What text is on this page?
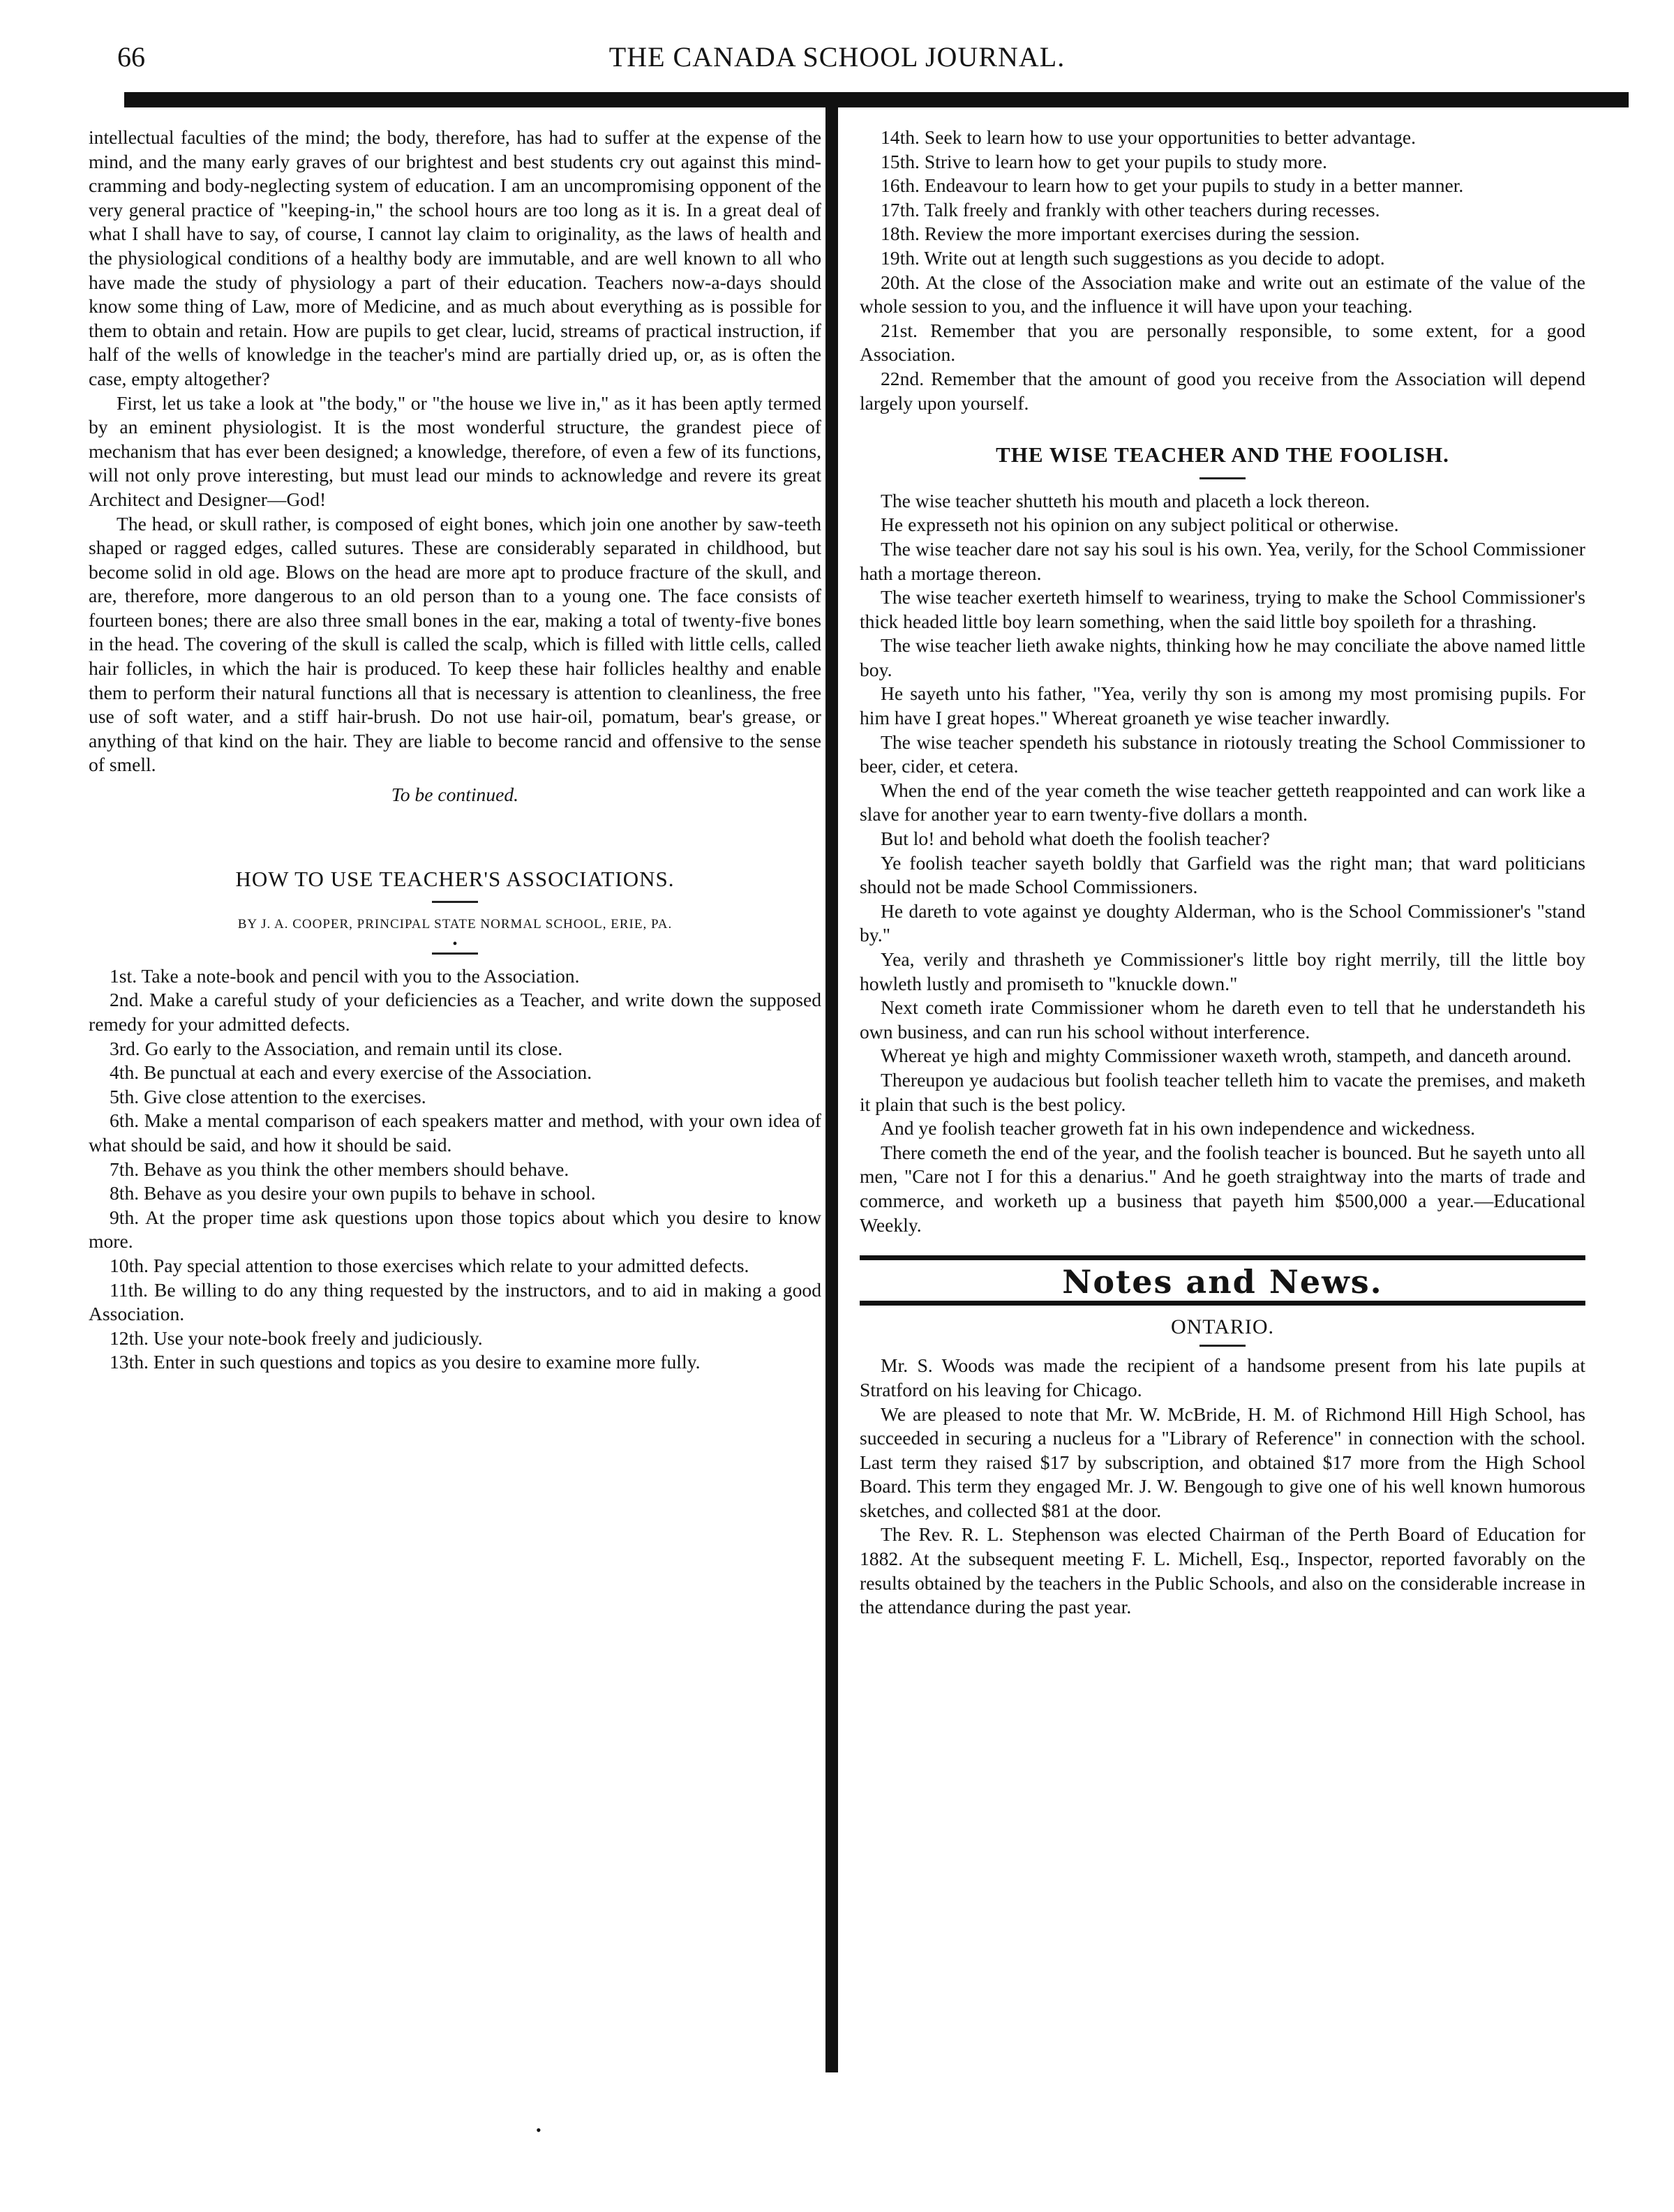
66	THE CANADA SCHOOL JOURNAL.

intellectual faculties of the mind; the body, therefore, has had to suffer at the expense of the mind, and the many early graves of our brightest and best students cry out against this mind-cramming and body-neglecting system of education. I am an uncompromising opponent of the very general practice of "keeping-in," the school hours are too long as it is. In a great deal of what I shall have to say, of course, I cannot lay claim to originality, as the laws of health and the physiological conditions of a healthy body are immutable, and are well known to all who have made the study of physiology a part of their education. Teachers now-a-days should know some thing of Law, more of Medicine, and as much about everything as is possible for them to obtain and retain. How are pupils to get clear, lucid, streams of practical instruction, if half of the wells of knowledge in the teacher's mind are partially dried up, or, as is often the case, empty altogether?

First, let us take a look at "the body," or "the house we live in," as it has been aptly termed by an eminent physiologist. It is the most wonderful structure, the grandest piece of mechanism that has ever been designed; a knowledge, therefore, of even a few of its functions, will not only prove interesting, but must lead our minds to acknowledge and revere its great Architect and Designer—God!

The head, or skull rather, is composed of eight bones, which join one another by saw-teeth shaped or ragged edges, called sutures. These are considerably separated in childhood, but become solid in old age. Blows on the head are more apt to produce fracture of the skull, and are, therefore, more dangerous to an old person than to a young one. The face consists of fourteen bones; there are also three small bones in the ear, making a total of twenty-five bones in the head. The covering of the skull is called the scalp, which is filled with little cells, called hair follicles, in which the hair is produced. To keep these hair follicles healthy and enable them to perform their natural functions all that is necessary is attention to cleanliness, the free use of soft water, and a stiff hair-brush. Do not use hair-oil, pomatum, bear's grease, or anything of that kind on the hair. They are liable to become rancid and offensive to the sense of smell.

To be continued.

HOW TO USE TEACHER'S ASSOCIATIONS.

BY J. A. COOPER, PRINCIPAL STATE NORMAL SCHOOL, ERIE, PA.

•

1st. Take a note-book and pencil with you to the Association.

2nd. Make a careful study of your deficiencies as a Teacher, and write down the supposed remedy for your admitted defects.

3rd. Go early to the Association, and remain until its close.

4th. Be punctual at each and every exercise of the Association.

5th. Give close attention to the exercises.

6th. Make a mental comparison of each speakers matter and method, with your own idea of what should be said, and how it should be said.

7th. Behave as you think the other members should behave.

8th. Behave as you desire your own pupils to behave in school.

9th. At the proper time ask questions upon those topics about which you desire to know more.

10th. Pay special attention to those exercises which relate to your admitted defects.

11th. Be willing to do any thing requested by the instructors, and to aid in making a good Association.

12th. Use your note-book freely and judiciously.

13th. Enter in such questions and topics as you desire to examine more fully.

14th. Seek to learn how to use your opportunities to better advantage.

15th. Strive to learn how to get your pupils to study more.

16th. Endeavour to learn how to get your pupils to study in a better manner.

17th. Talk freely and frankly with other teachers during recesses.

18th. Review the more important exercises during the session.

19th. Write out at length such suggestions as you decide to adopt.

20th. At the close of the Association make and write out an estimate of the value of the whole session to you, and the influence it will have upon your teaching.

21st. Remember that you are personally responsible, to some extent, for a good Association.

22nd. Remember that the amount of good you receive from the Association will depend largely upon yourself.

THE WISE TEACHER AND THE FOOLISH.

The wise teacher shutteth his mouth and placeth a lock thereon.

He expresseth not his opinion on any subject political or otherwise.

The wise teacher dare not say his soul is his own. Yea, verily, for the School Commissioner hath a mortage thereon.

The wise teacher exerteth himself to weariness, trying to make the School Commissioner's thick headed little boy learn something, when the said little boy spoileth for a thrashing.

The wise teacher lieth awake nights, thinking how he may conciliate the above named little boy.

He sayeth unto his father, "Yea, verily thy son is among my most promising pupils. For him have I great hopes." Whereat groaneth ye wise teacher inwardly.

The wise teacher spendeth his substance in riotously treating the School Commissioner to beer, cider, et cetera.

When the end of the year cometh the wise teacher getteth reappointed and can work like a slave for another year to earn twenty-five dollars a month.

But lo! and behold what doeth the foolish teacher?

Ye foolish teacher sayeth boldly that Garfield was the right man; that ward politicians should not be made School Commissioners.

He dareth to vote against ye doughty Alderman, who is the School Commissioner's "stand by."

Yea, verily and thrasheth ye Commissioner's little boy right merrily, till the little boy howleth lustly and promiseth to "knuckle down."

Next cometh irate Commissioner whom he dareth even to tell that he understandeth his own business, and can run his school without interference.

Whereat ye high and mighty Commissioner waxeth wroth, stampeth, and danceth around.

Thereupon ye audacious but foolish teacher telleth him to vacate the premises, and maketh it plain that such is the best policy.

And ye foolish teacher groweth fat in his own independence and wickedness.

There cometh the end of the year, and the foolish teacher is bounced. But he sayeth unto all men, "Care not I for this a denarius." And he goeth straightway into the marts of trade and commerce, and worketh up a business that payeth him $500,000 a year.—Educational Weekly.

Notes and News.
ONTARIO.

Mr. S. Woods was made the recipient of a handsome present from his late pupils at Stratford on his leaving for Chicago.

We are pleased to note that Mr. W. McBride, H. M. of Richmond Hill High School, has succeeded in securing a nucleus for a "Library of Reference" in connection with the school. Last term they raised $17 by subscription, and obtained $17 more from the High School Board. This term they engaged Mr. J. W. Bengough to give one of his well known humorous sketches, and collected $81 at the door.

The Rev. R. L. Stephenson was elected Chairman of the Perth Board of Education for 1882. At the subsequent meeting F. L. Michell, Esq., Inspector, reported favorably on the results obtained by the teachers in the Public Schools, and also on the considerable increase in the attendance during the past year.

•
